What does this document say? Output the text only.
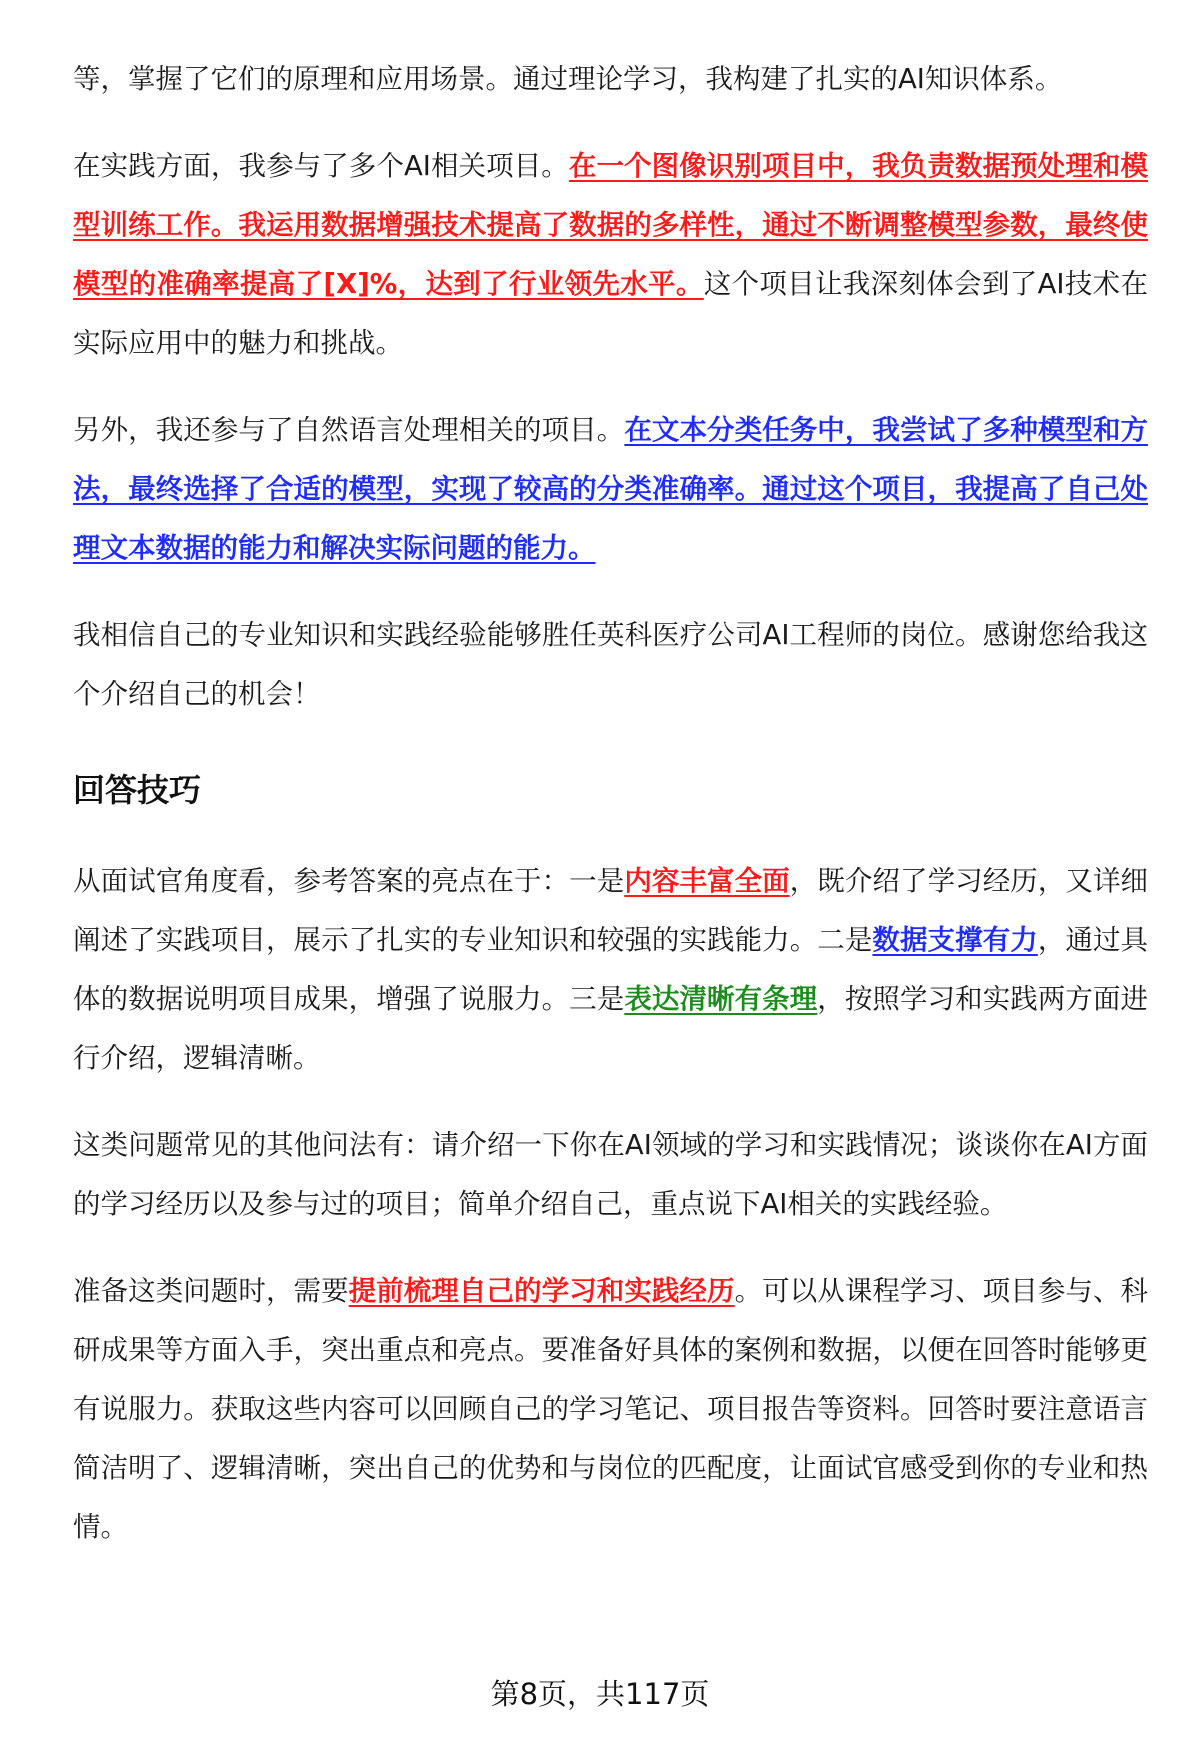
等，掌握了它们的原理和应用场景。通过理论学习，我构建了扎实的AI知识体系。

在实践方面，我参与了多个AI相关项目。在一个图像识别项目中，我负责数据预处理和模型训练工作。我运用数据增强技术提高了数据的多样性，通过不断调整模型参数，最终使模型的准确率提高了[X]%，达到了行业领先水平。这个项目让我深刻体会到了AI技术在实际应用中的魅力和挑战。

另外，我还参与了自然语言处理相关的项目。在文本分类任务中，我尝试了多种模型和方法，最终选择了合适的模型，实现了较高的分类准确率。通过这个项目，我提高了自己处理文本数据的能力和解决实际问题的能力。

我相信自己的专业知识和实践经验能够胜任英科医疗公司AI工程师的岗位。感谢您给我这个介绍自己的机会！

回答技巧

从面试官角度看，参考答案的亮点在于：一是内容丰富全面，既介绍了学习经历，又详细阐述了实践项目，展示了扎实的专业知识和较强的实践能力。二是数据支撑有力，通过具体的数据说明项目成果，增强了说服力。三是表达清晰有条理，按照学习和实践两方面进行介绍，逻辑清晰。

这类问题常见的其他问法有：请介绍一下你在AI领域的学习和实践情况；谈谈你在AI方面的学习经历以及参与过的项目；简单介绍自己，重点说下AI相关的实践经验。

准备这类问题时，需要提前梳理自己的学习和实践经历。可以从课程学习、项目参与、科研成果等方面入手，突出重点和亮点。要准备好具体的案例和数据，以便在回答时能够更有说服力。获取这些内容可以回顾自己的学习笔记、项目报告等资料。回答时要注意语言简洁明了、逻辑清晰，突出自己的优势和与岗位的匹配度，让面试官感受到你的专业和热情。

第8页，共117页
